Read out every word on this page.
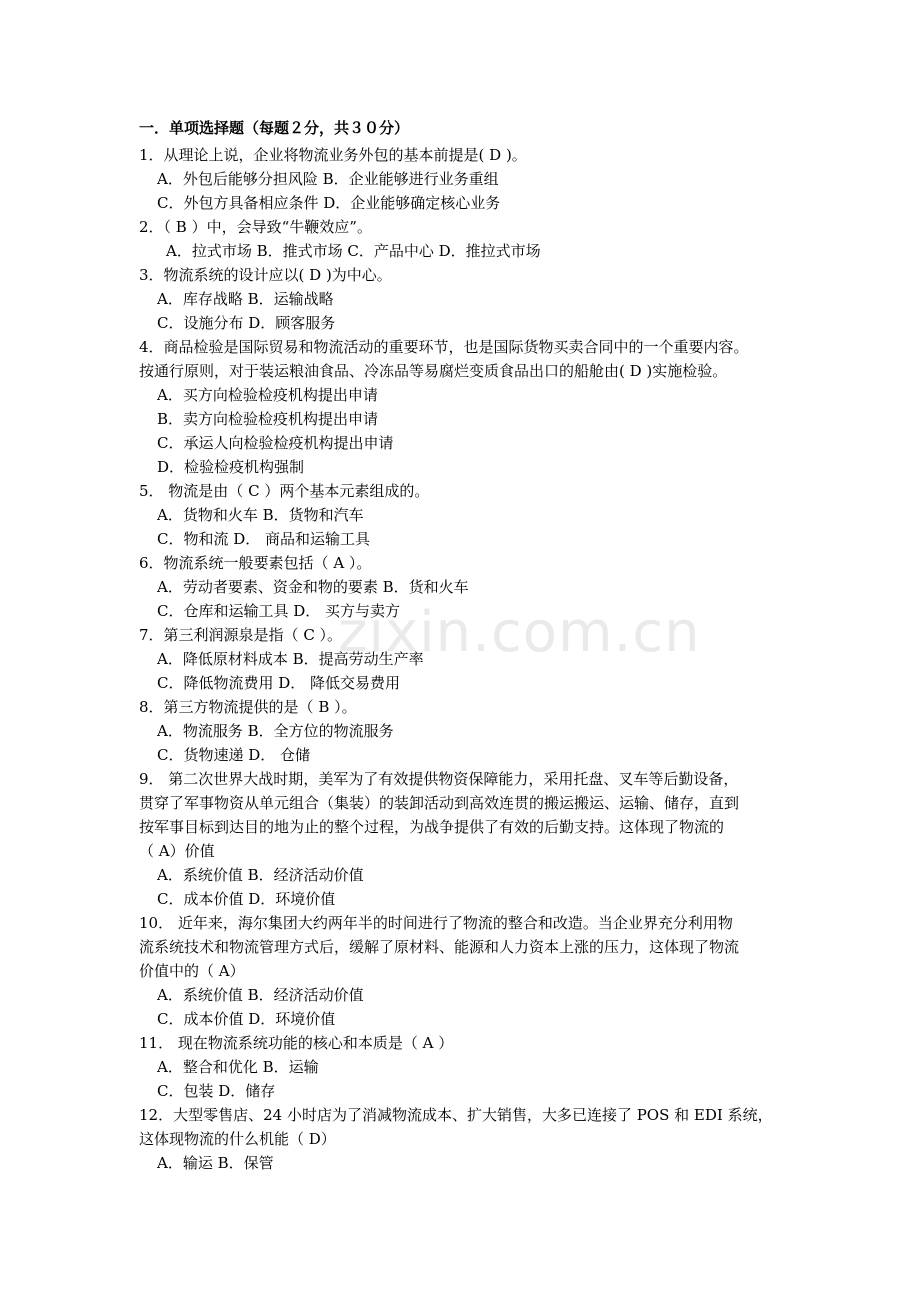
zixin.com.cn
一．单项选择题（每题２分，共３０分）
1．从理论上说，企业将物流业务外包的基本前提是( D )。
A．外包后能够分担风险 B．企业能够进行业务重组
C．外包方具备相应条件 D．企业能够确定核心业务
2．（ B ）中，会导致“牛鞭效应”。
A．拉式市场 B．推式市场 C．产品中心 D．推拉式市场
3．物流系统的设计应以( D )为中心。
A．库存战略 B．运输战略
C．设施分布 D．顾客服务
4．商品检验是国际贸易和物流活动的重要环节，也是国际货物买卖合同中的一个重要内容。
按通行原则，对于装运粮油食品、冷冻品等易腐烂变质食品出口的船舱由( D )实施检验。
A．买方向检验检疫机构提出申请
B．卖方向检验检疫机构提出申请
C．承运人向检验检疫机构提出申请
D．检验检疫机构强制
5． 物流是由（ C ）两个基本元素组成的。
A．货物和火车 B．货物和汽车
C．物和流 D． 商品和运输工具
6．物流系统一般要素包括（ A ）。
A．劳动者要素、资金和物的要素 B．货和火车
C．仓库和运输工具 D． 买方与卖方
7．第三利润源泉是指（ C ）。
A．降低原材料成本 B．提高劳动生产率
C．降低物流费用 D． 降低交易费用
8．第三方物流提供的是（ B ）。
A．物流服务 B．全方位的物流服务
C．货物速递 D． 仓储
9． 第二次世界大战时期，美军为了有效提供物资保障能力，采用托盘、叉车等后勤设备，
贯穿了军事物资从单元组合（集装）的装卸活动到高效连贯的搬运搬运、运输、储存，直到
按军事目标到达目的地为止的整个过程，为战争提供了有效的后勤支持。这体现了物流的
（ A）价值
A．系统价值 B．经济活动价值
C．成本价值 D．环境价值
10． 近年来，海尔集团大约两年半的时间进行了物流的整合和改造。当企业界充分利用物
流系统技术和物流管理方式后，缓解了原材料、能源和人力资本上涨的压力，这体现了物流
价值中的（ A）
A．系统价值 B．经济活动价值
C．成本价值 D．环境价值
11． 现在物流系统功能的核心和本质是（ A ）
A．整合和优化 B．运输
C．包装 D．储存
12．大型零售店、24 小时店为了消减物流成本、扩大销售，大多已连接了 POS 和 EDI 系统，
这体现物流的什么机能（ D）
A．输运 B．保管
